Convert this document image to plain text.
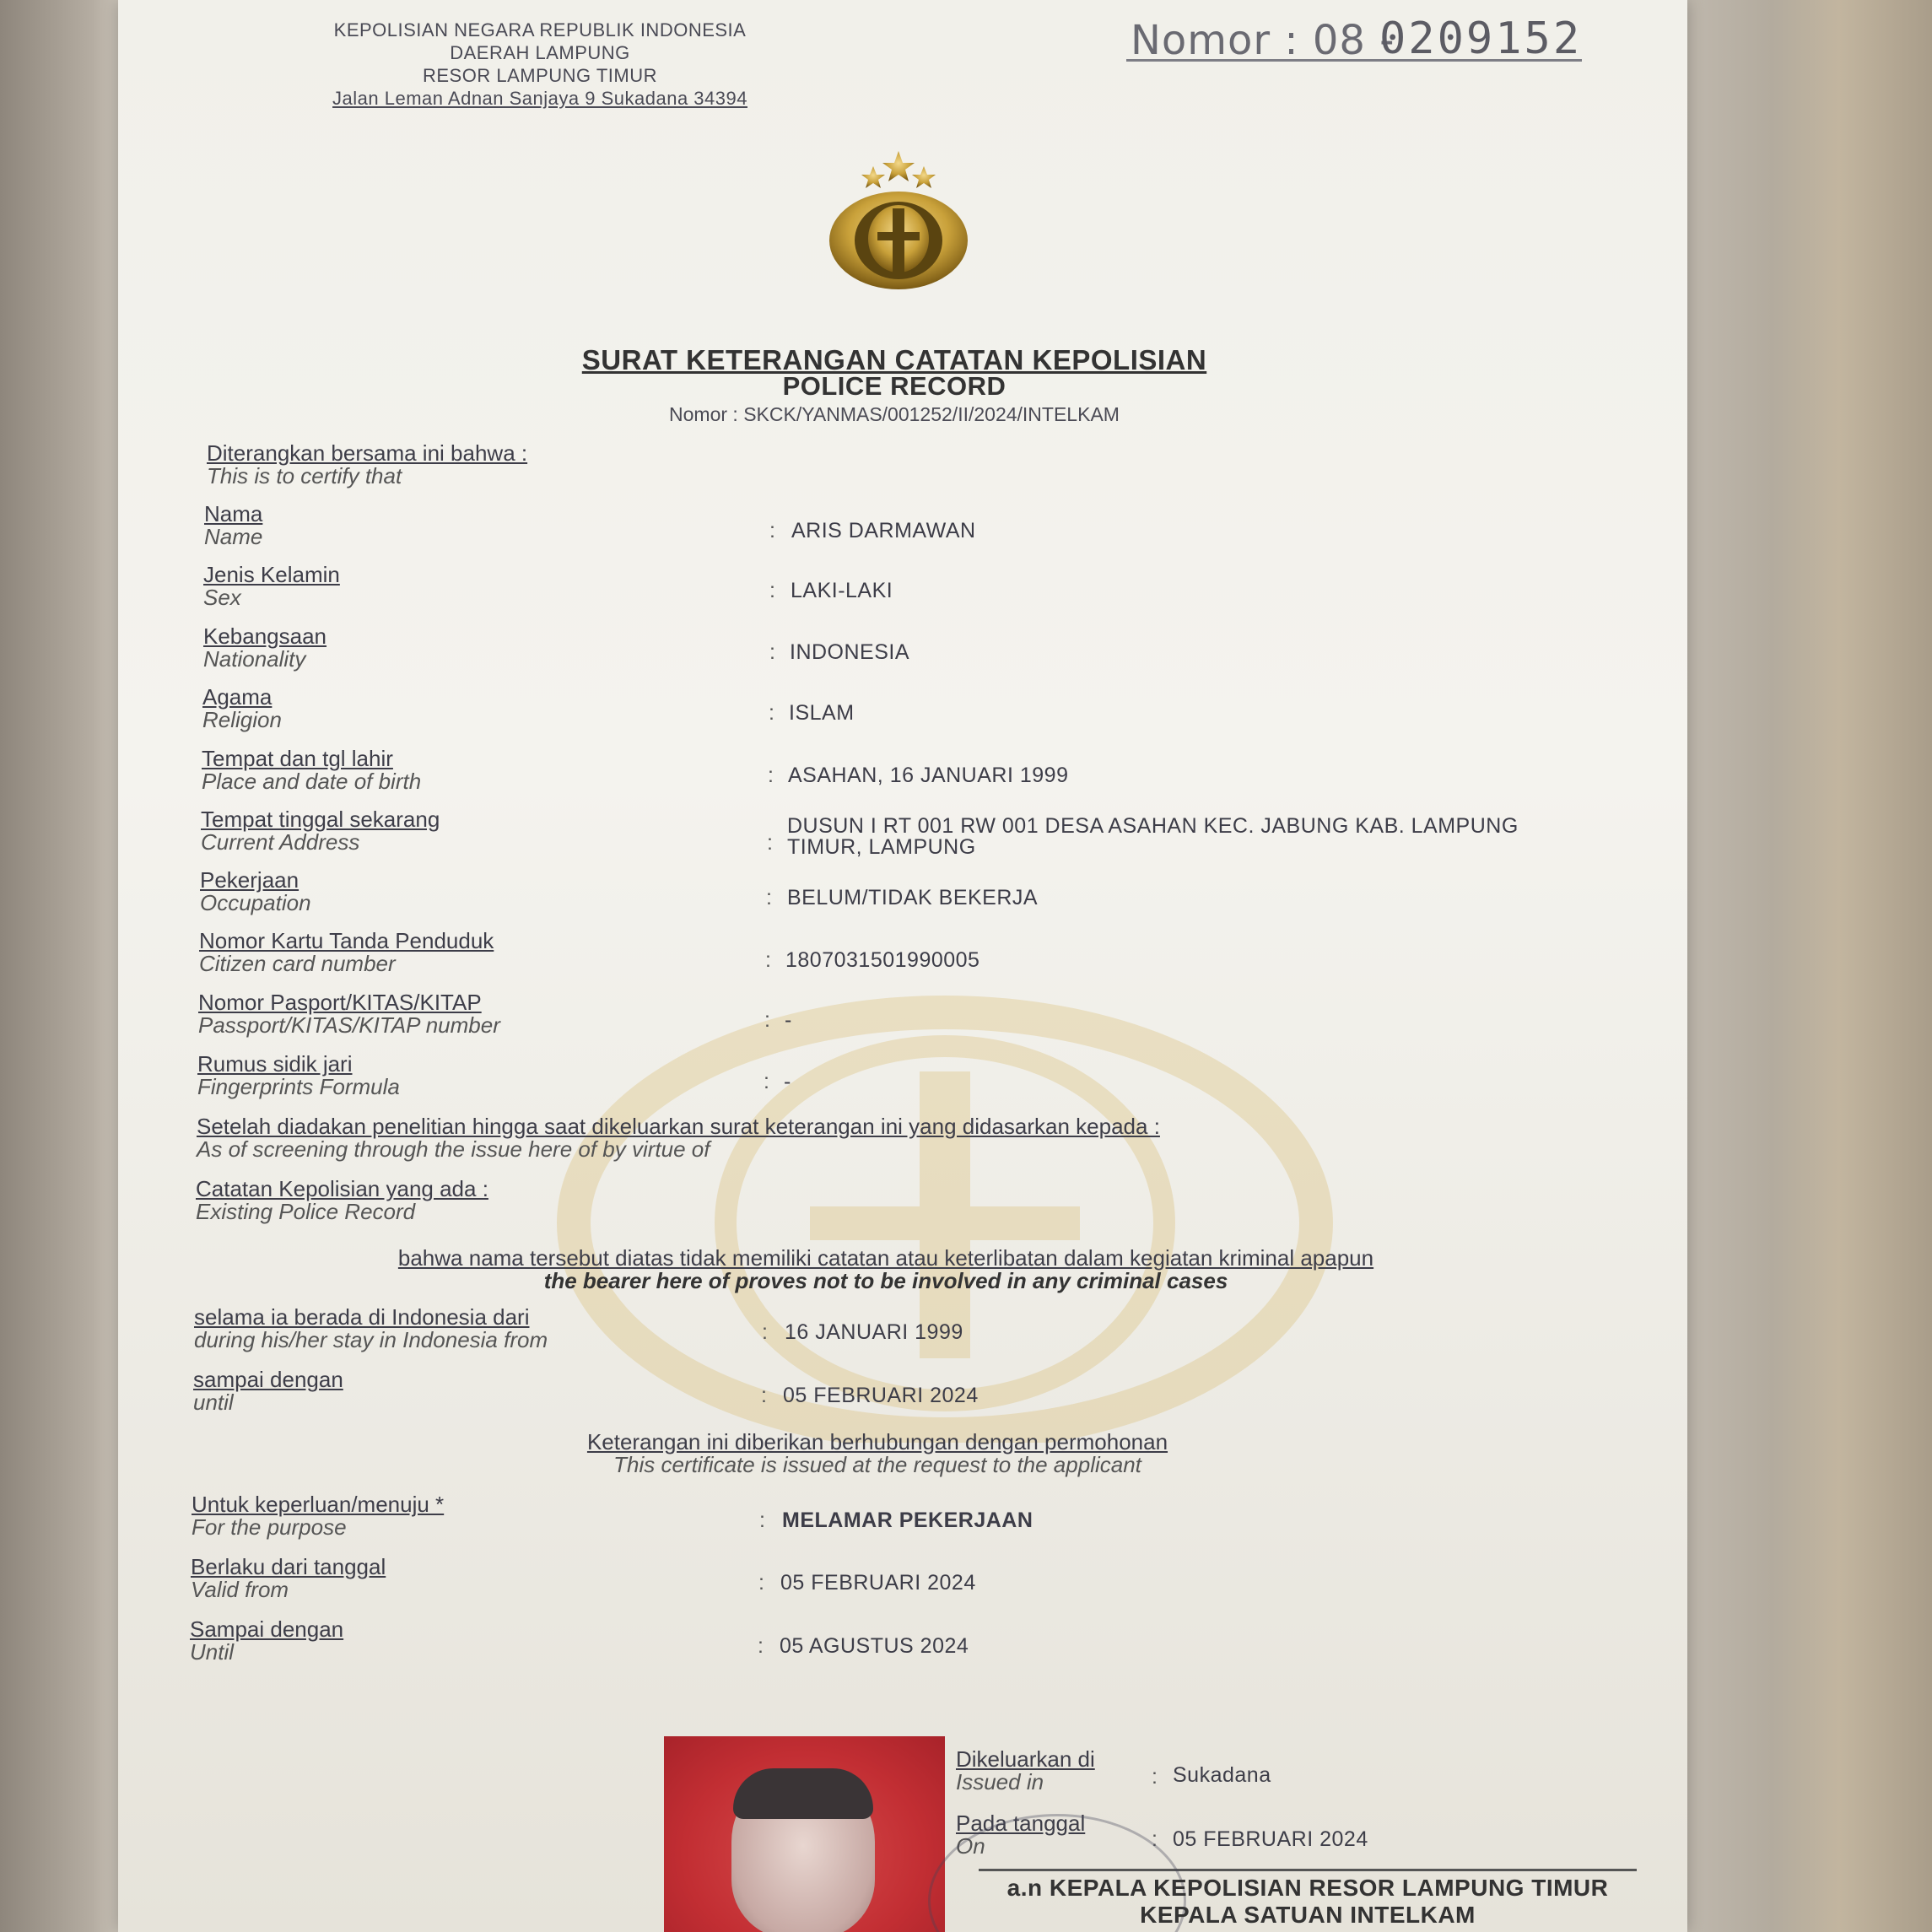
KEPOLISIAN NEGARA REPUBLIK INDONESIA
DAERAH LAMPUNG
RESOR LAMPUNG TIMUR
Jalan Leman Adnan Sanjaya 9 Sukadana 34394
Nomor : 08 -
0209152
SURAT KETERANGAN CATATAN KEPOLISIAN
POLICE RECORD
Nomor : SKCK/YANMAS/001252/II/2024/INTELKAM
Diterangkan bersama ini bahwa :
This is to certify that
Nama
Name	: ARIS DARMAWAN
Jenis Kelamin
Sex	: LAKI-LAKI
Kebangsaan
Nationality	: INDONESIA
Agama
Religion	: ISLAM
Tempat dan tgl lahir
Place and date of birth	: ASAHAN, 16 JANUARI 1999
Tempat tinggal sekarang
Current Address	:
DUSUN I RT 001 RW 001 DESA ASAHAN KEC. JABUNG KAB. LAMPUNG
TIMUR, LAMPUNG
Pekerjaan
Occupation	: BELUM/TIDAK BEKERJA
Nomor Kartu Tanda Penduduk
Citizen card number	: 1807031501990005
Nomor Pasport/KITAS/KITAP
Passport/KITAS/KITAP number	: -
Rumus sidik jari
Fingerprints Formula	: -
Setelah diadakan penelitian hingga saat dikeluarkan surat keterangan ini yang didasarkan kepada :
As of screening through the issue here of by virtue of
Catatan Kepolisian yang ada :
Existing Police Record
bahwa nama tersebut diatas tidak memiliki catatan atau keterlibatan dalam kegiatan kriminal apapun
the bearer here of proves not to be involved in any criminal cases
selama ia berada di Indonesia dari
during his/her stay in Indonesia from	: 16 JANUARI 1999
sampai dengan
until	: 05 FEBRUARI 2024
Keterangan ini diberikan berhubungan dengan permohonan
This certificate is issued at the request to the applicant
Untuk keperluan/menuju *
For the purpose	: MELAMAR PEKERJAAN
Berlaku dari tanggal
Valid from	: 05 FEBRUARI 2024
Sampai dengan
Until	: 05 AGUSTUS 2024
Dikeluarkan di
Issued in	: Sukadana
Pada tanggal
On	: 05 FEBRUARI 2024
a.n KEPALA KEPOLISIAN RESOR LAMPUNG TIMUR
KEPALA SATUAN INTELKAM
